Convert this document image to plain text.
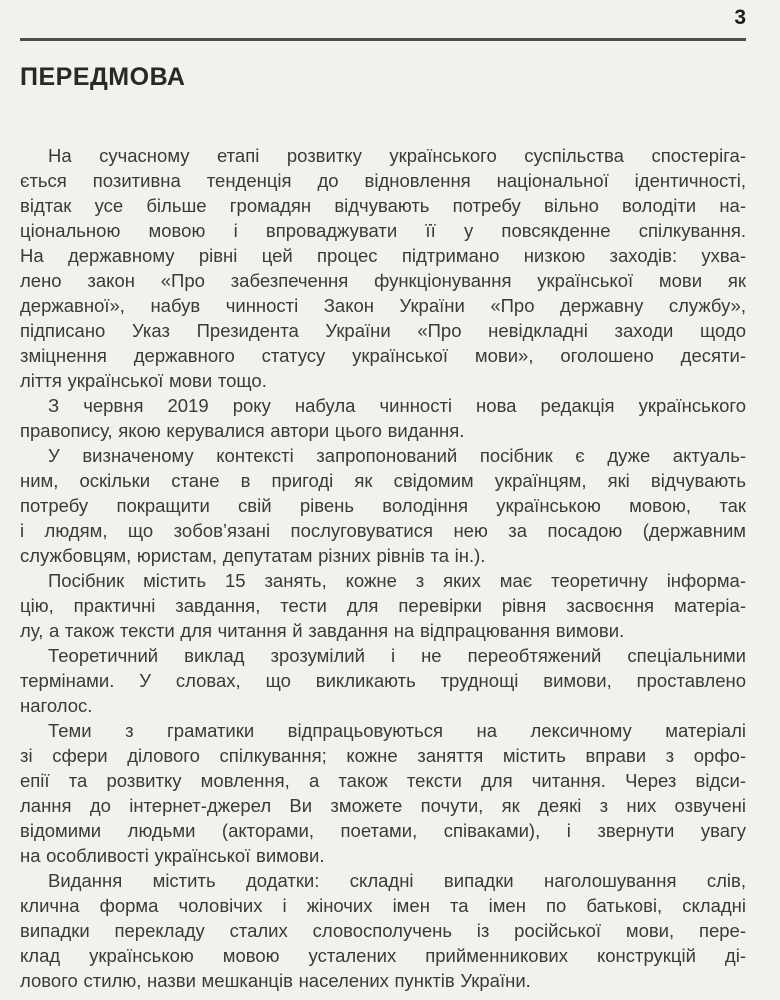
3
ПЕРЕДМОВА
На сучасному етапі розвитку українського суспільства спостеріга-
ється позитивна тенденція до відновлення національної ідентичності,
відтак усе більше громадян відчувають потребу вільно володіти на-
ціональною мовою і впроваджувати її у повсякденне спілкування.
На державному рівні цей процес підтримано низкою заходів: ухва-
лено закон «Про забезпечення функціонування української мови як
державної», набув чинності Закон України «Про державну службу»,
підписано Указ Президента України «Про невідкладні заходи щодо
зміцнення державного статусу української мови», оголошено десяти-
ліття української мови тощо.
З червня 2019 року набула чинності нова редакція українського
правопису, якою керувалися автори цього видання.
У визначеному контексті запропонований посібник є дуже актуаль-
ним, оскільки стане в пригоді як свідомим українцям, які відчувають
потребу покращити свій рівень володіння українською мовою, так
і людям, що зобов’язані послуговуватися нею за посадою (державним
службовцям, юристам, депутатам різних рівнів та ін.).
Посібник містить 15 занять, кожне з яких має теоретичну інформа-
цію, практичні завдання, тести для перевірки рівня засвоєння матеріа-
лу, а також тексти для читання й завдання на відпрацювання вимови.
Теоретичний виклад зрозумілий і не переобтяжений спеціальними
термінами. У словах, що викликають труднощі вимови, проставлено
наголос.
Теми з граматики відпрацьовуються на лексичному матеріалі
зі сфери ділового спілкування; кожне заняття містить вправи з орфо-
епії та розвитку мовлення, а також тексти для читання. Через відси-
лання до інтернет-джерел Ви зможете почути, як деякі з них озвучені
відомими людьми (акторами, поетами, співаками), і звернути увагу
на особливості української вимови.
Видання містить додатки: складні випадки наголошування слів,
клична форма чоловічих і жіночих імен та імен по батькові, складні
випадки перекладу сталих словосполучень із російської мови, пере-
клад українською мовою усталених прийменникових конструкцій ді-
лового стилю, назви мешканців населених пунктів України.
